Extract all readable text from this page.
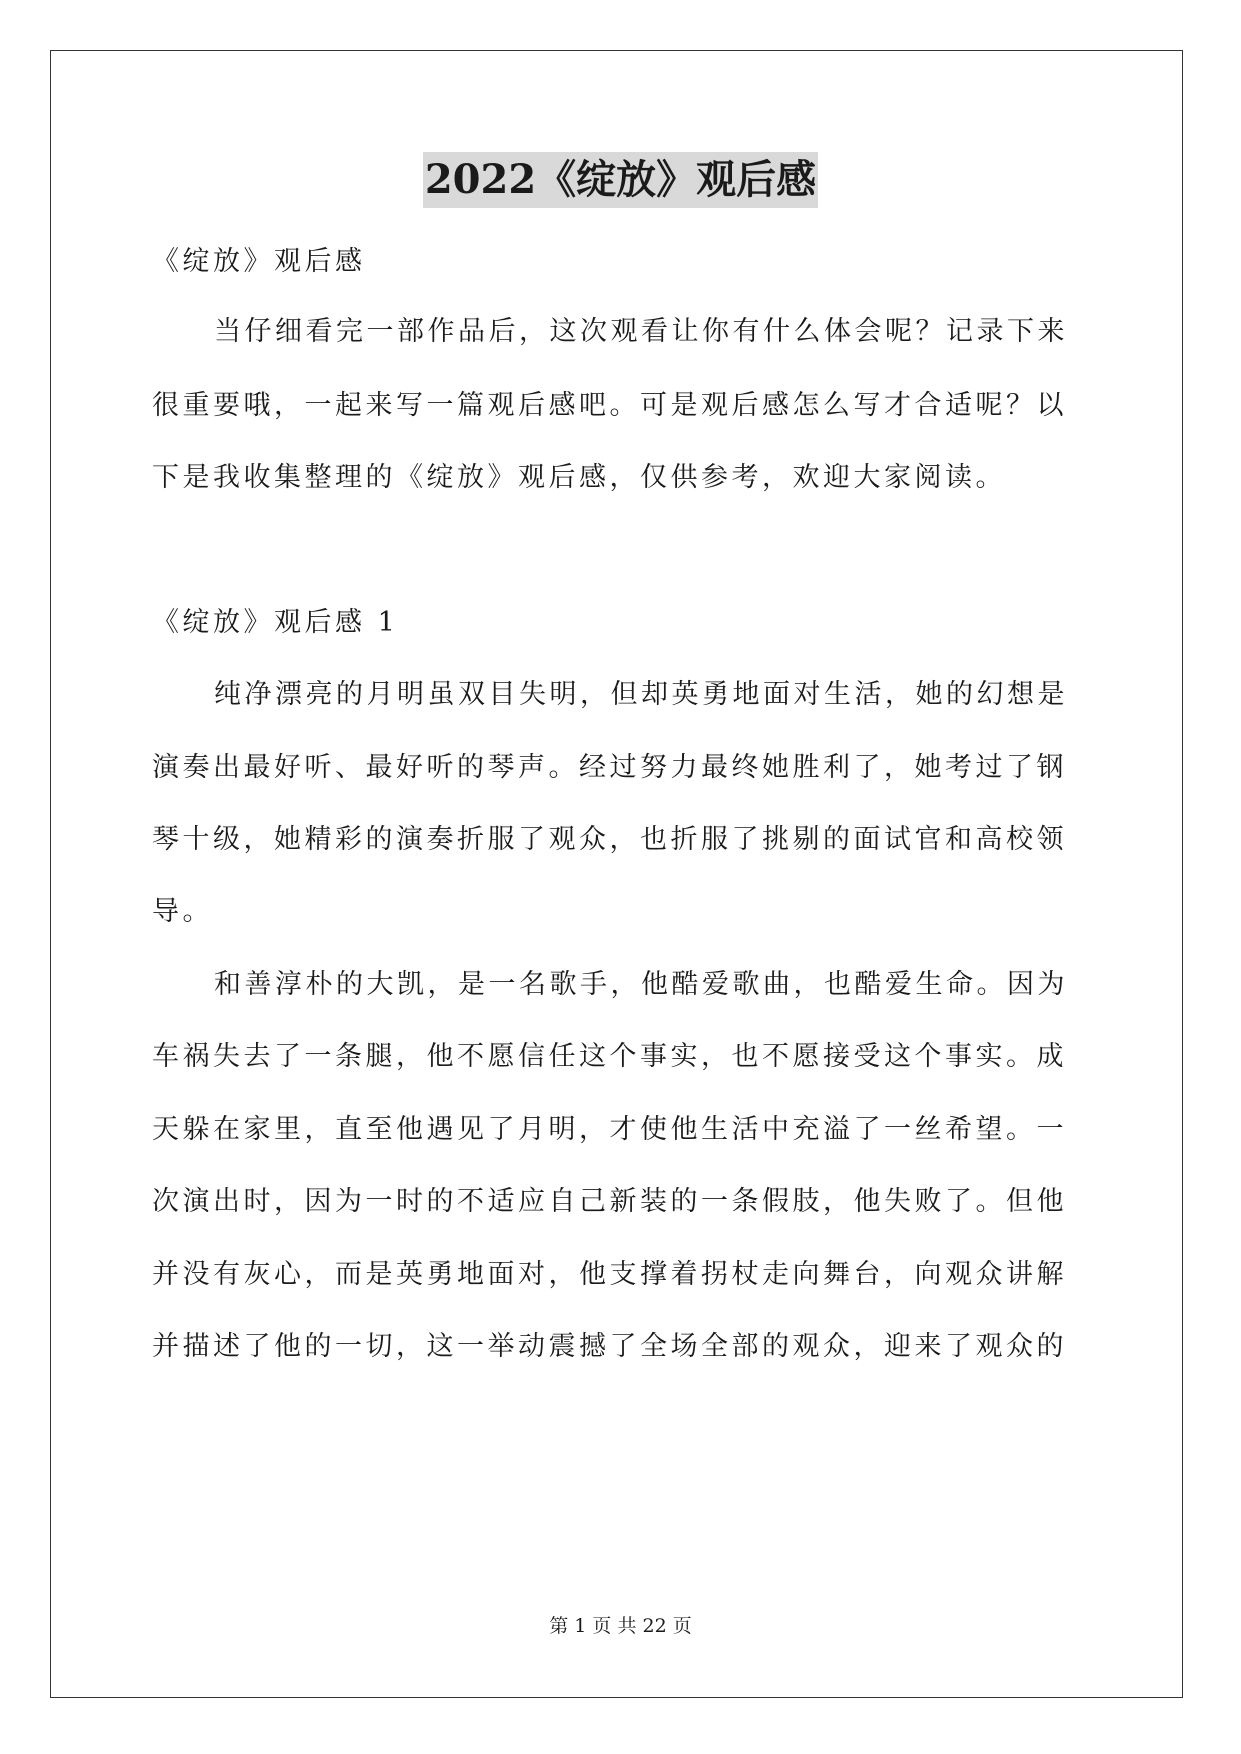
2022《绽放》观后感
《绽放》观后感
当仔细看完一部作品后，这次观看让你有什么体会呢？记录下来
很重要哦，一起来写一篇观后感吧。可是观后感怎么写才合适呢？以
下是我收集整理的《绽放》观后感，仅供参考，欢迎大家阅读。
《绽放》观后感 1
纯净漂亮的月明虽双目失明，但却英勇地面对生活，她的幻想是
演奏出最好听、最好听的琴声。经过努力最终她胜利了，她考过了钢
琴十级，她精彩的演奏折服了观众，也折服了挑剔的面试官和高校领
导。
和善淳朴的大凯，是一名歌手，他酷爱歌曲，也酷爱生命。因为
车祸失去了一条腿，他不愿信任这个事实，也不愿接受这个事实。成
天躲在家里，直至他遇见了月明，才使他生活中充溢了一丝希望。一
次演出时，因为一时的不适应自己新装的一条假肢，他失败了。但他
并没有灰心，而是英勇地面对，他支撑着拐杖走向舞台，向观众讲解
并描述了他的一切，这一举动震撼了全场全部的观众，迎来了观众的
第 1 页 共 22 页
